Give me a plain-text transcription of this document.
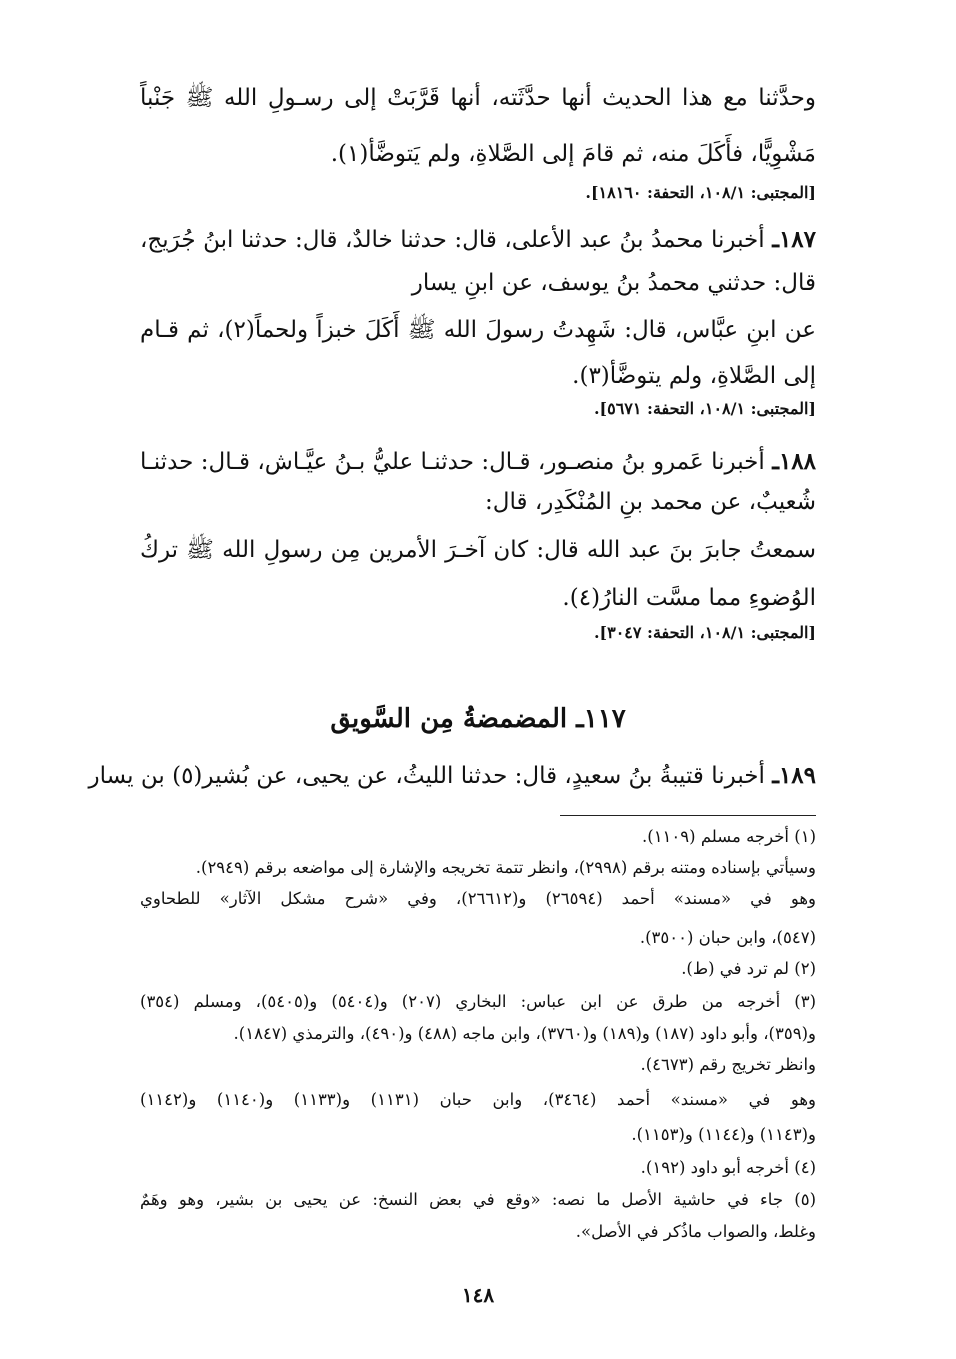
وحدَّثنا مع هذا الحديث أنها حدَّثَته، أنها قَرَّبَتْ إلى رسـولِ الله ﷺ جَنْباً
مَشْوِيًّا، فأَكَلَ منه، ثم قامَ إلى الصَّلاةِ، ولم يَتوضَّأ(١).
[المجتبى: ١٠٨/١، التحفة: ١٨١٦٠].
١٨٧ـ أخبرنا محمدُ بنُ عبد الأعلى، قال: حدثنا خالدٌ، قال: حدثنا ابنُ جُرَيج،
قال: حدثني محمدُ بنُ يوسف، عن ابنِ يسار
عن ابنِ عبَّاس، قال: شَهِدتُ رسولَ الله ﷺ أَكَلَ خبزاً ولحماً(٢)، ثم قـام
إلى الصَّلاةِ، ولم يتوضَّأ(٣).
[المجتبى: ١٠٨/١، التحفة: ٥٦٧١].
١٨٨ـ أخبرنا عَمرو بنُ منصـور، قـال: حدثنـا عليُّ بـنُ عيَّـاش، قـال: حدثنـا
شُعيبٌ، عن محمد بنِ المُنْكَدِر، قال:
سمعتُ جابرَ بنَ عبد الله قال: كان آخـرَ الأمرين مِن رسولِ الله ﷺ تركُ
الوُضوءِ مما مسَّت النارُ(٤).
[المجتبى: ١٠٨/١، التحفة: ٣٠٤٧].
١١٧ـ المضمضةُ مِن السَّويق
١٨٩ـ أخبرنا قتيبةُ بنُ سعيدٍ، قال: حدثنا الليثُ، عن يحيى، عن بُشير(٥) بن يسار
(١) أخرجه مسلم (١١٠٩).
وسيأتي بإسناده ومتنه برقم (٢٩٩٨)، وانظر تتمة تخريجه والإشارة إلى مواضعه برقم (٢٩٤٩).
وهو في «مسند» أحمد (٢٦٥٩٤) و(٢٦٦١٢)، وفي «شرح مشكل الآثار» للطحاوي
(٥٤٧)، وابن حبان (٣٥٠٠).
(٢) لم ترد في (ط).
(٣) أخرجه من طرق عن ابن عباس: البخاري (٢٠٧) و(٥٤٠٤) و(٥٤٠٥)، ومسلم (٣٥٤)
و(٣٥٩)، وأبو داود (١٨٧) و(١٨٩) و(٣٧٦٠)، وابن ماجه (٤٨٨) و(٤٩٠)، والترمذي (١٨٤٧).
وانظر تخريج رقم (٤٦٧٣).
وهو في «مسند» أحمد (٣٤٦٤)، وابن حبان (١١٣١) و(١١٣٣) و(١١٤٠) و(١١٤٢)
و(١١٤٣) و(١١٤٤) و(١١٥٣).
(٤) أخرجه أبو داود (١٩٢).
(٥) جاء في حاشية الأصل ما نصه: «وقع في بعض النسخ: عن يحيى بن بشير، وهو وهَمٌ
وغلط، والصواب ماذُكر في الأصل».
١٤٨
